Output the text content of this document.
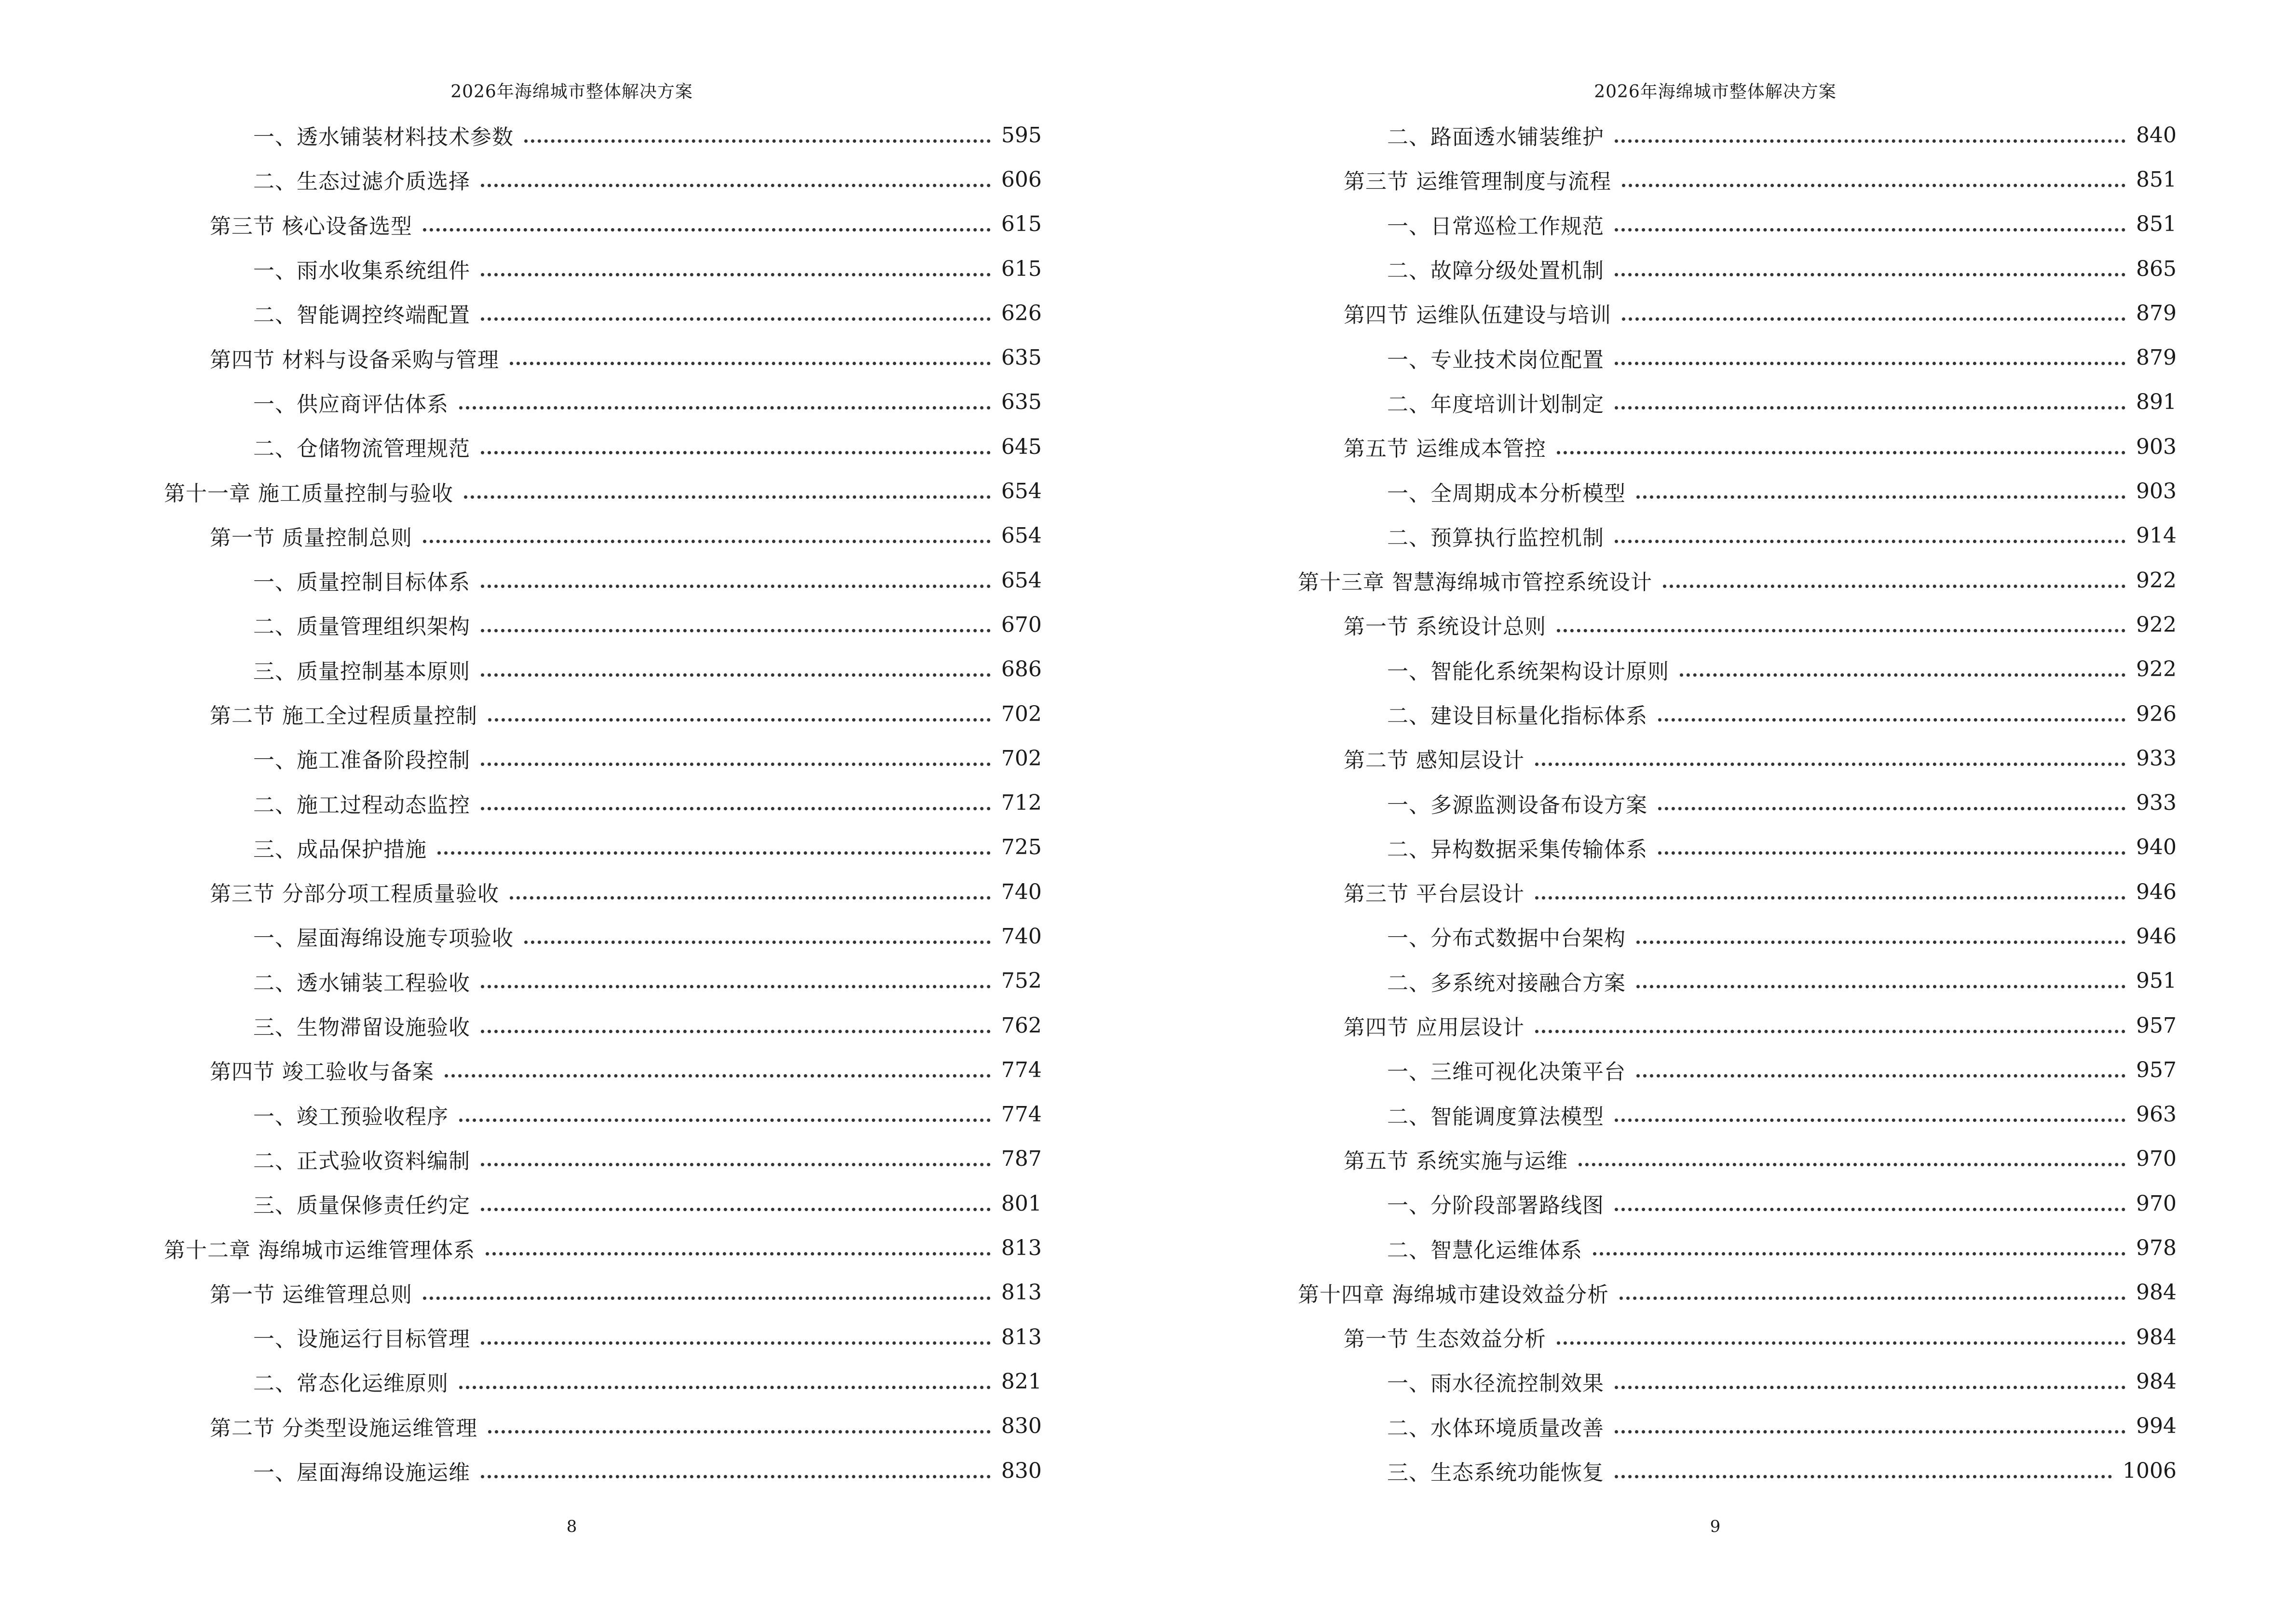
2026年海绵城市整体解决方案
一、透水铺装材料技术参数	595
二、生态过滤介质选择	606
第三节 核心设备选型	615
一、雨水收集系统组件	615
二、智能调控终端配置	626
第四节 材料与设备采购与管理	635
一、供应商评估体系	635
二、仓储物流管理规范	645
第十一章 施工质量控制与验收	654
第一节 质量控制总则	654
一、质量控制目标体系	654
二、质量管理组织架构	670
三、质量控制基本原则	686
第二节 施工全过程质量控制	702
一、施工准备阶段控制	702
二、施工过程动态监控	712
三、成品保护措施	725
第三节 分部分项工程质量验收	740
一、屋面海绵设施专项验收	740
二、透水铺装工程验收	752
三、生物滞留设施验收	762
第四节 竣工验收与备案	774
一、竣工预验收程序	774
二、正式验收资料编制	787
三、质量保修责任约定	801
第十二章 海绵城市运维管理体系	813
第一节 运维管理总则	813
一、设施运行目标管理	813
二、常态化运维原则	821
第二节 分类型设施运维管理	830
一、屋面海绵设施运维	830
8
2026年海绵城市整体解决方案
二、路面透水铺装维护	840
第三节 运维管理制度与流程	851
一、日常巡检工作规范	851
二、故障分级处置机制	865
第四节 运维队伍建设与培训	879
一、专业技术岗位配置	879
二、年度培训计划制定	891
第五节 运维成本管控	903
一、全周期成本分析模型	903
二、预算执行监控机制	914
第十三章 智慧海绵城市管控系统设计	922
第一节 系统设计总则	922
一、智能化系统架构设计原则	922
二、建设目标量化指标体系	926
第二节 感知层设计	933
一、多源监测设备布设方案	933
二、异构数据采集传输体系	940
第三节 平台层设计	946
一、分布式数据中台架构	946
二、多系统对接融合方案	951
第四节 应用层设计	957
一、三维可视化决策平台	957
二、智能调度算法模型	963
第五节 系统实施与运维	970
一、分阶段部署路线图	970
二、智慧化运维体系	978
第十四章 海绵城市建设效益分析	984
第一节 生态效益分析	984
一、雨水径流控制效果	984
二、水体环境质量改善	994
三、生态系统功能恢复	1006
9
